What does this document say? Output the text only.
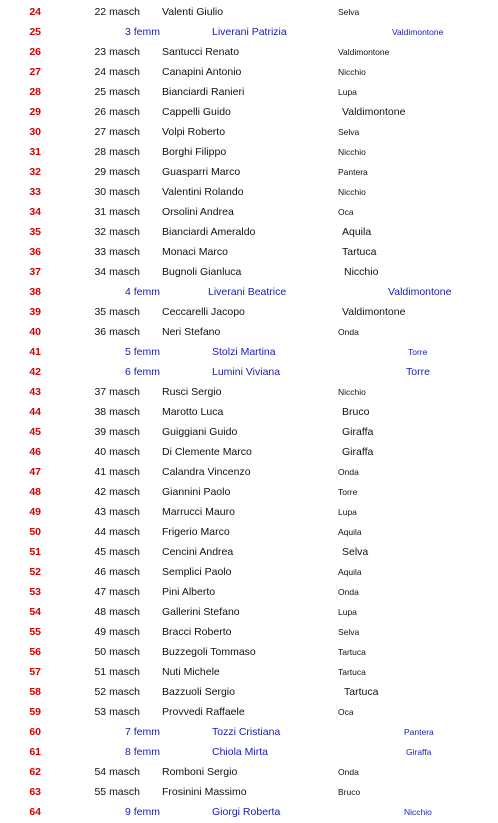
24	22 masch Valenti Giulio	Selva
25	3 femm	Liverani Patrizia	Valdimontone
26	23 masch Santucci Renato	Valdimontone
27	24 masch Canapini Antonio	Nicchio
28	25 masch Bianciardi Ranieri	Lupa
29	26 masch Cappelli Guido	Valdimontone
30	27 masch Volpi Roberto	Selva
31	28 masch Borghi Filippo	Nicchio
32	29 masch Guasparri Marco	Pantera
33	30 masch Valentini Rolando	Nicchio
34	31 masch Orsolini Andrea	Oca
35	32 masch Bianciardi Ameraldo	Aquila
36	33 masch Monaci Marco	Tartuca
37	34 masch Bugnoli Gianluca	Nicchio
38	4 femm	Liverani Beatrice	Valdimontone
39	35 masch Ceccarelli Jacopo	Valdimontone
40	36 masch Neri Stefano	Onda
41	5 femm	Stolzi Martina	Torre
42	6 femm	Lumini Viviana	Torre
43	37 masch Rusci Sergio	Nicchio
44	38 masch Marotto Luca	Bruco
45	39 masch Guiggiani Guido	Giraffa
46	40 masch Di Clemente Marco	Giraffa
47	41 masch Calandra Vincenzo	Onda
48	42 masch Giannini Paolo	Torre
49	43 masch Marrucci Mauro	Lupa
50	44 masch Frigerio Marco	Aquila
51	45 masch Cencini Andrea	Selva
52	46 masch Semplici Paolo	Aquila
53	47 masch Pini Alberto	Onda
54	48 masch Gallerini Stefano	Lupa
55	49 masch Bracci Roberto	Selva
56	50 masch Buzzegoli Tommaso	Tartuca
57	51 masch Nuti Michele	Tartuca
58	52 masch Bazzuoli Sergio	Tartuca
59	53 masch Provvedi Raffaele	Oca
60	7 femm	Tozzi Cristiana	Pantera
61	8 femm	Chiola Mirta	Giraffa
62	54 masch Romboni Sergio	Onda
63	55 masch Frosinini Massimo	Bruco
64	9 femm	Giorgi Roberta	Nicchio
